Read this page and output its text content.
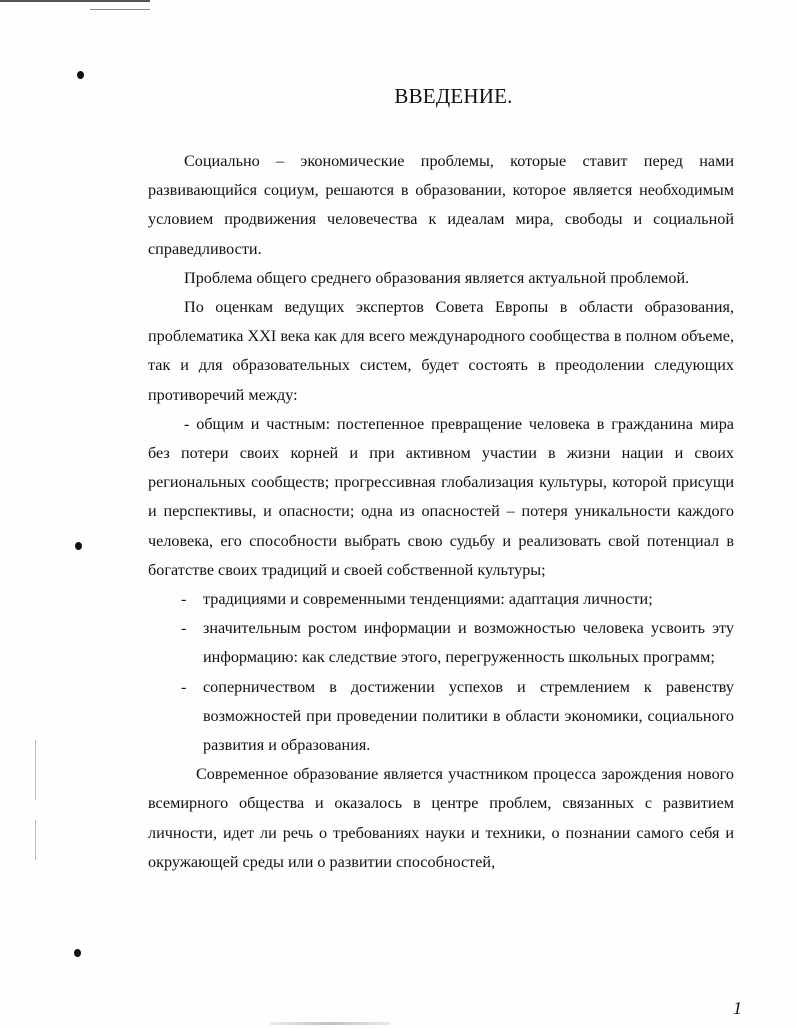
ВВЕДЕНИЕ.

Социально – экономические проблемы, которые ставит перед нами развивающийся социум, решаются в образовании, которое является необходимым условием продвижения человечества к идеалам мира, свободы и социальной справедливости.

Проблема общего среднего образования является актуальной проблемой.

По оценкам ведущих экспертов Совета Европы в области образования, проблематика XXI века как для всего международного сообщества в полном объеме, так и для образовательных систем, будет состоять в преодолении следующих противоречий между:

- общим и частным: постепенное превращение человека в гражданина мира без потери своих корней и при активном участии в жизни нации и своих региональных сообществ; прогрессивная глобализация культуры, которой присущи и перспективы, и опасности; одна из опасностей – потеря уникальности каждого человека, его способности выбрать свою судьбу и реализовать свой потенциал в богатстве своих традиций и своей собственной культуры;

- традициями и современными тенденциями: адаптация личности;
- значительным ростом информации и возможностью человека усвоить эту информацию: как следствие этого, перегруженность школьных программ;
- соперничеством в достижении успехов и стремлением к равенству возможностей при проведении политики в области экономики, социального развития и образования.

Современное образование является участником процесса зарождения нового всемирного общества и оказалось в центре проблем, связанных с развитием личности, идет ли речь о требованиях науки и техники, о познании самого себя и окружающей среды или о развитии способностей,

1
